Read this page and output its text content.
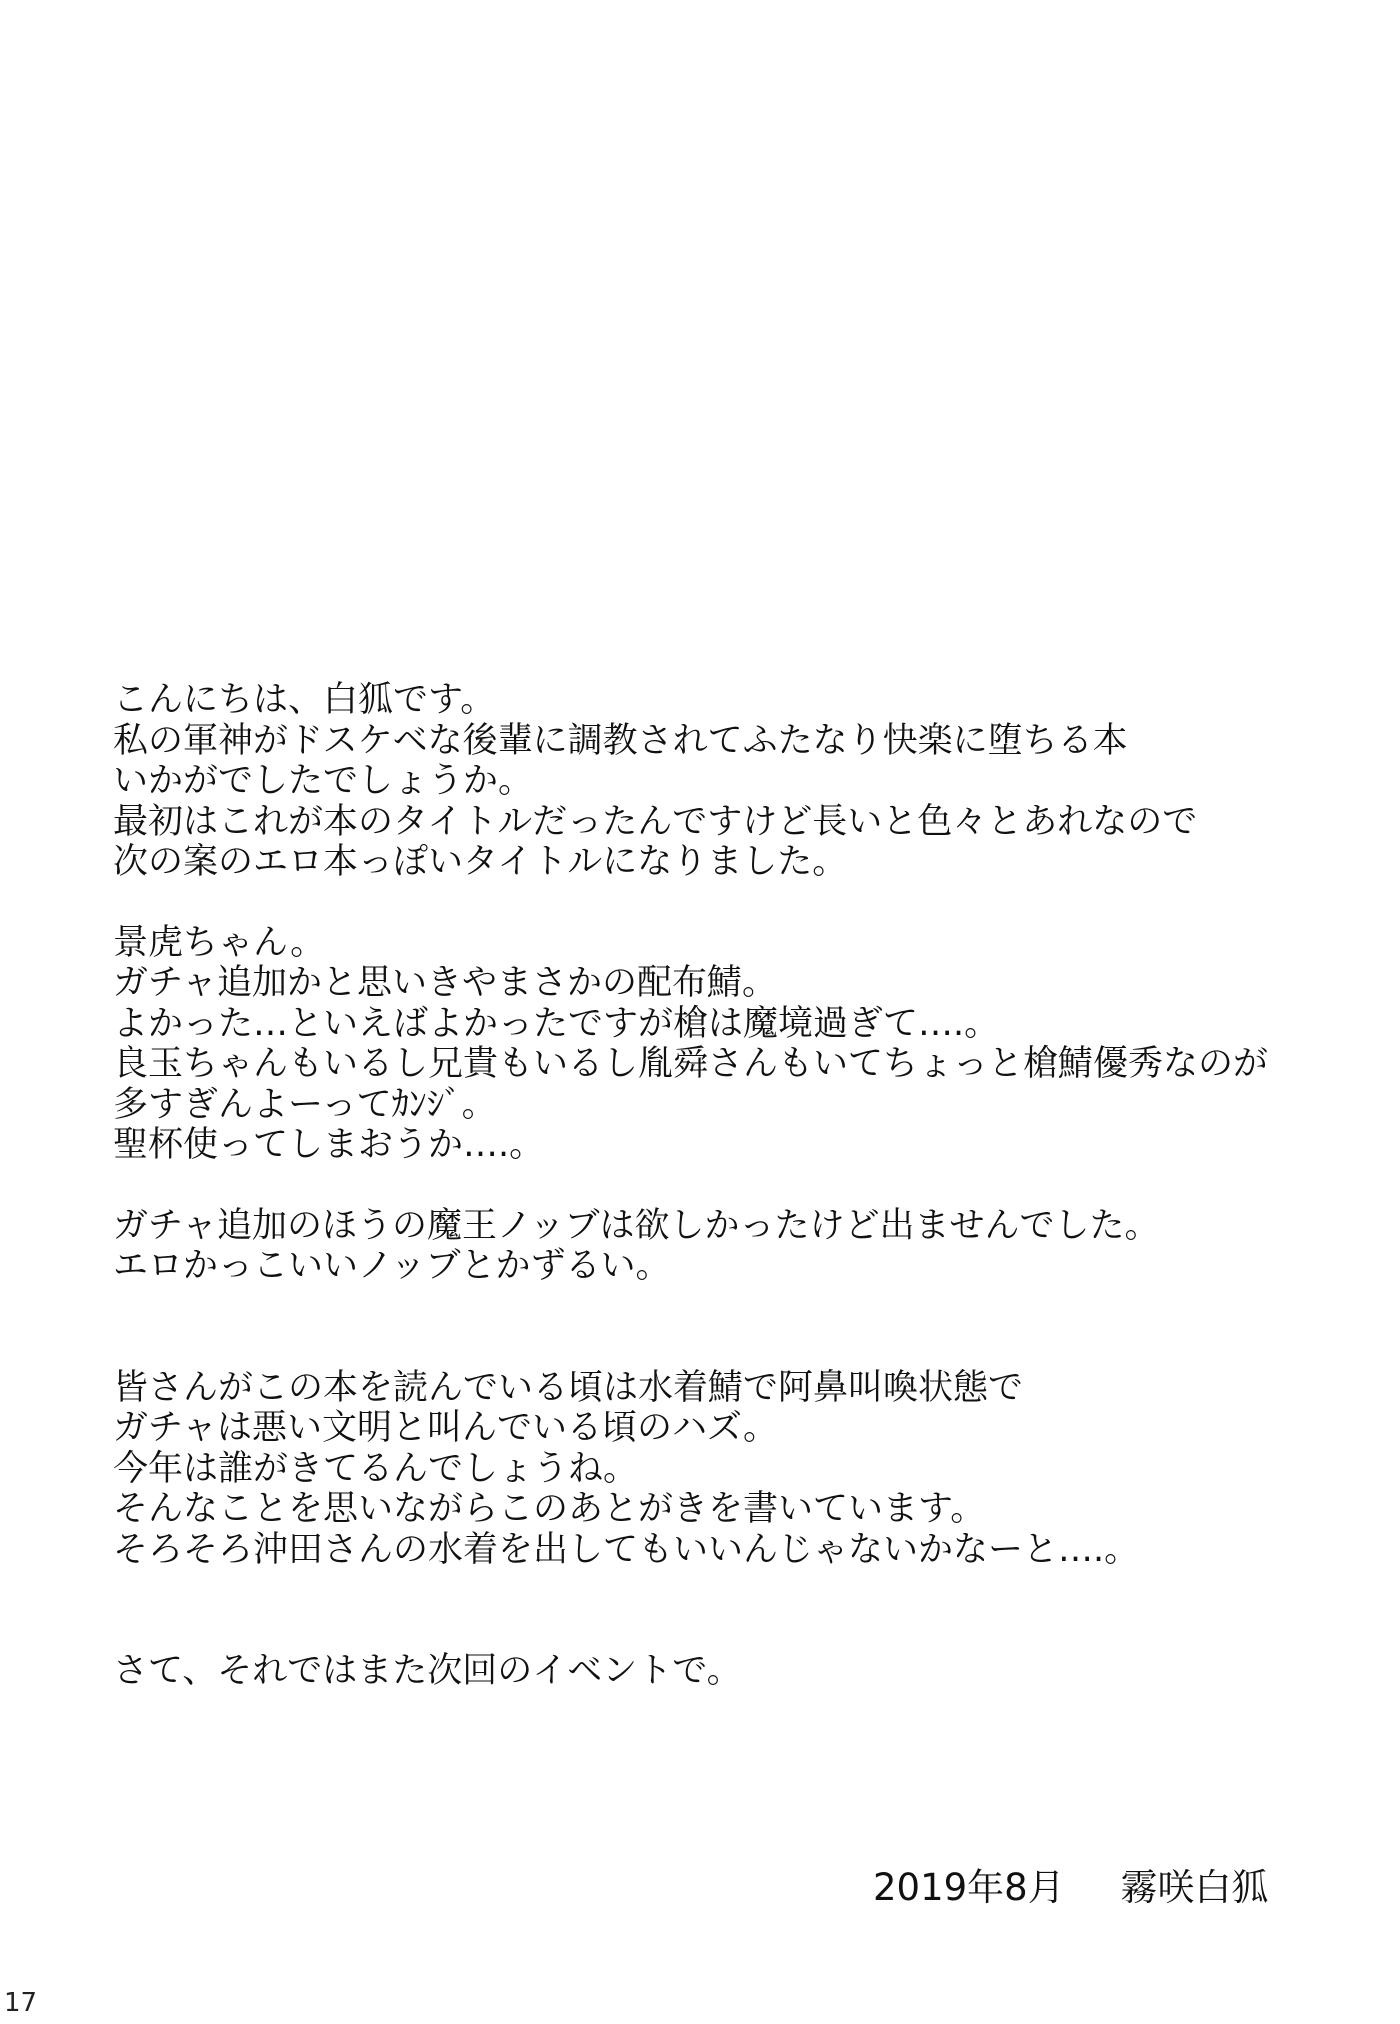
こんにちは、白狐です。
私の軍神がドスケベな後輩に調教されてふたなり快楽に堕ちる本
いかがでしたでしょうか。
最初はこれが本のタイトルだったんですけど長いと色々とあれなので
次の案のエロ本っぽいタイトルになりました。
景虎ちゃん。
ガチャ追加かと思いきやまさかの配布鯖。
よかった…といえばよかったですが槍は魔境過ぎて….。
良玉ちゃんもいるし兄貴もいるし胤舜さんもいてちょっと槍鯖優秀なのが
多すぎんよーってｶﾝｼﾞ。
聖杯使ってしまおうか….。
ガチャ追加のほうの魔王ノッブは欲しかったけど出ませんでした。
エロかっこいいノッブとかずるい。
皆さんがこの本を読んでいる頃は水着鯖で阿鼻叫喚状態で
ガチャは悪い文明と叫んでいる頃のハズ。
今年は誰がきてるんでしょうね。
そんなことを思いながらこのあとがきを書いています。
そろそろ沖田さんの水着を出してもいいんじゃないかなーと….。
さて、それではまた次回のイベントで。
2019年8月 霧咲白狐
17
